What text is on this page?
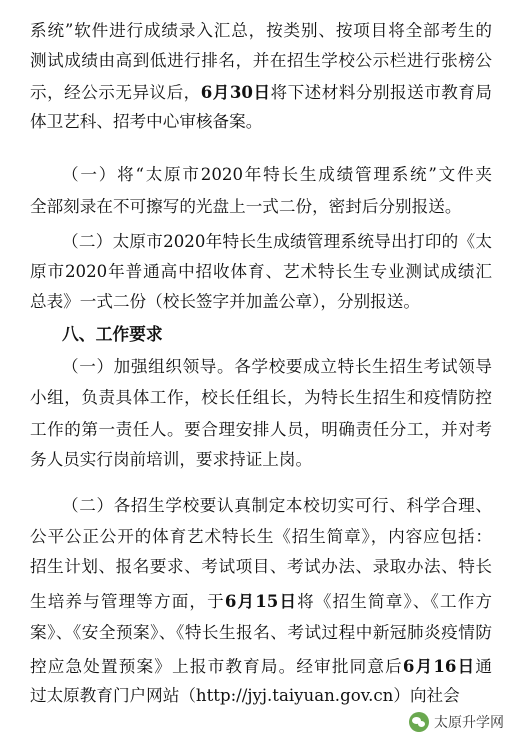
系统”软件进行成绩录入汇总，按类别、按项目将全部考生的
测试成绩由高到低进行排名，并在招生学校公示栏进行张榜公
示，经公示无异议后，6月30日将下述材料分别报送市教育局
体卫艺科、招考中心审核备案。
（一）将“太原市2020年特长生成绩管理系统”文件夹
全部刻录在不可擦写的光盘上一式二份，密封后分别报送。
（二）太原市2020年特长生成绩管理系统导出打印的《太
原市2020年普通高中招收体育、艺术特长生专业测试成绩汇
总表》一式二份（校长签字并加盖公章），分别报送。
（一）加强组织领导。各学校要成立特长生招生考试领导
小组，负责具体工作，校长任组长，为特长生招生和疫情防控
工作的第一责任人。要合理安排人员，明确责任分工，并对考
务人员实行岗前培训，要求持证上岗。
（二）各招生学校要认真制定本校切实可行、科学合理、
公平公正公开的体育艺术特长生《招生简章》，内容应包括：
招生计划、报名要求、考试项目、考试办法、录取办法、特长
生培养与管理等方面，于6月15日将《招生简章》、《工作方
案》、《安全预案》、《特长生报名、考试过程中新冠肺炎疫情防
控应急处置预案》上报市教育局。经审批同意后6月16日通
过太原教育门户网站（http://jyj.taiyuan.gov.cn）向社会
八、工作要求
太原升学网
